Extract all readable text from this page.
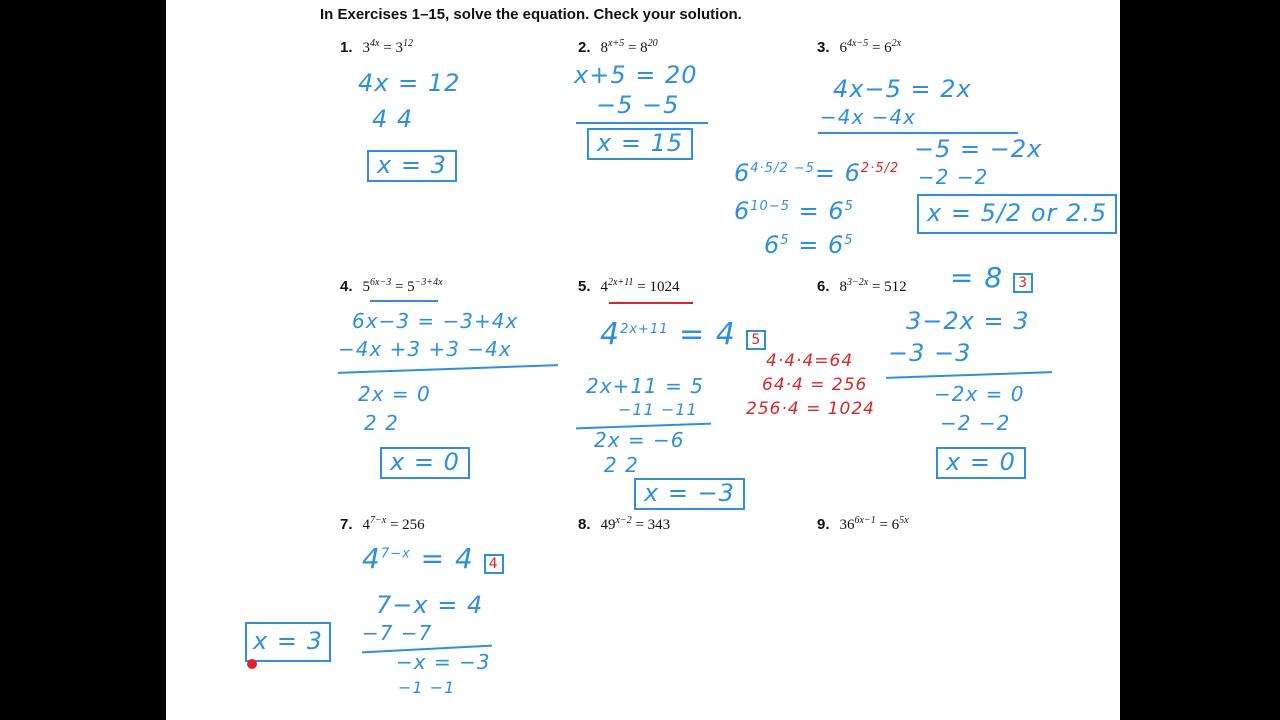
In Exercises 1–15, solve the equation. Check your solution.
1. $3^{4x} = 3^{12}$	2. $8^{x+5} = 8^{20}$	3. $6^{4x-5} = 6^{2x}$
4. $5^{6x-3} = 5^{-3+4x}$	5. $4^{2x+11} = 1024$	6. $8^{3-2x} = 512$
7. $4^{7-x} = 256$	8. $49^{x-2} = 343$	9. $36^{6x-1} = 6^{5x}$
4x = 12
4 4
x = 3
x+5 = 20
−5 −5
x = 15
4x−5 = 2x
−4x −4x
−5 = −2x
−2 −2
x = 5/2 or 2.5
$6^{4\cdot 5/2 -5}= 6^{2\cdot 5/2}$
$6^{10-5} = 6^5$
$6^5 = 6^5$
6x−3 = −3+4x
−4x +3 +3 −4x
2x = 0
2 2
x = 0
$4^{2x+11} = 4$ 5
2x+11 = 5
−11 −11
2x = −6
2 2
x = −3
4·4·4=64
64·4 = 256
256·4 = 1024
= 8 3
3−2x = 3
−3 −3
−2x = 0
−2 −2
x = 0
$4^{7-x} = 4$ 4
7−x = 4
−7 −7
−x = −3
−1 −1
x = 3
